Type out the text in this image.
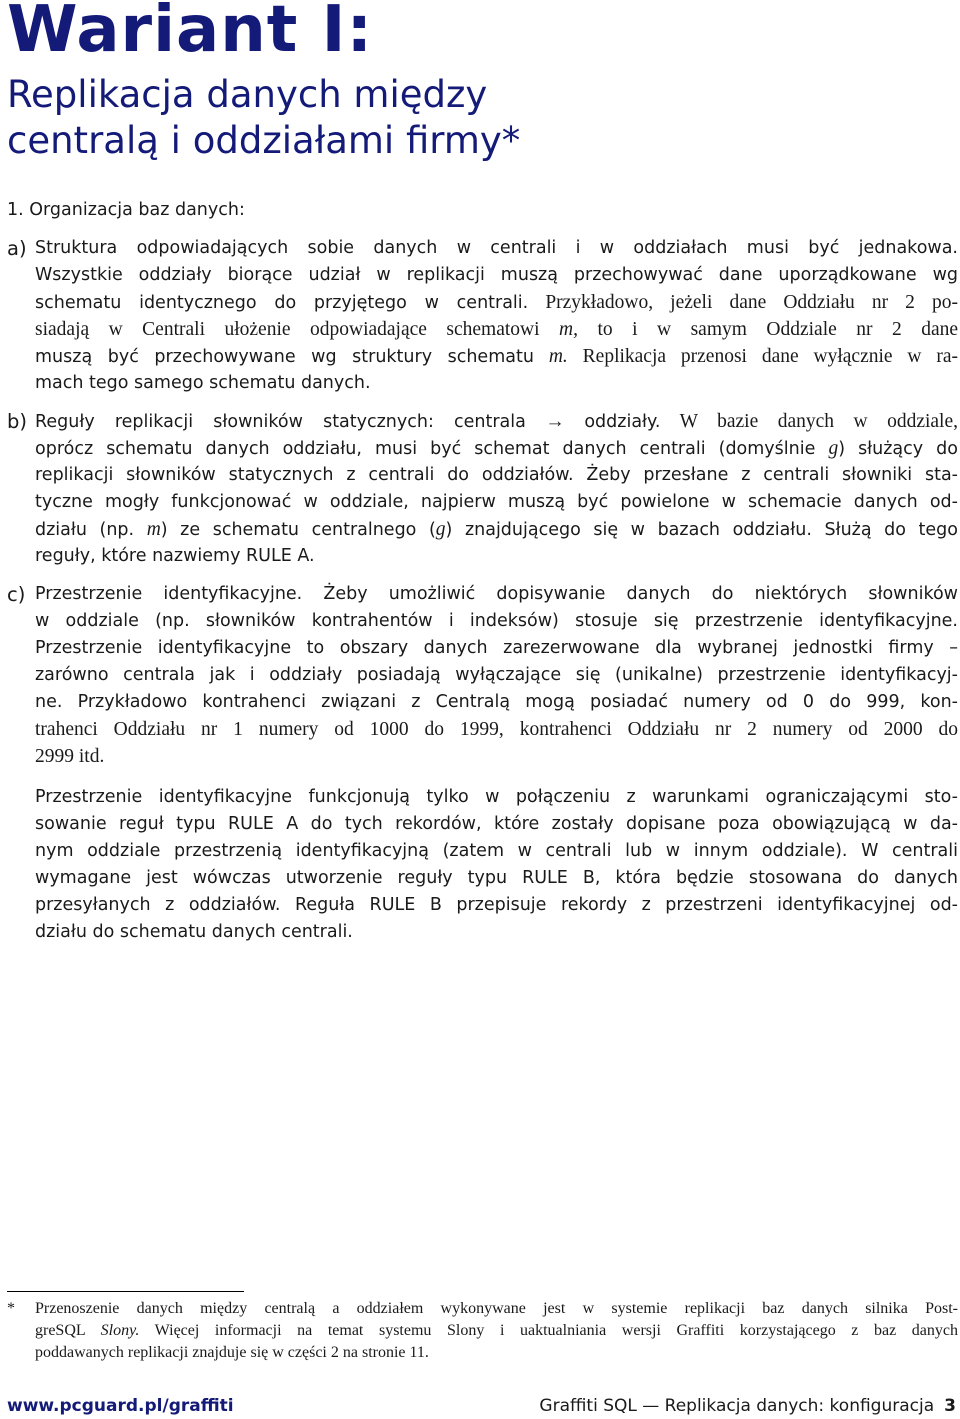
Wariant I:
Replikacja danych między
centralą i oddziałami firmy*
1. Organizacja baz danych:
a) Struktura odpowiadających sobie danych w centrali i w oddziałach musi być jednakowa.
Wszystkie oddziały biorące udział w replikacji muszą przechowywać dane uporządkowane wg
schematu identycznego do przyjętego w centrali. Przykładowo, jeżeli dane Oddziału nr 2 po-
siadają w Centrali ułożenie odpowiadające schematowi m, to i w samym Oddziale nr 2 dane
muszą być przechowywane wg struktury schematu m. Replikacja przenosi dane wyłącznie w ra-
mach tego samego schematu danych.
b) Reguły replikacji słowników statycznych: centrala → oddziały. W bazie danych w oddziale,
oprócz schematu danych oddziału, musi być schemat danych centrali (domyślnie g) służący do
replikacji słowników statycznych z centrali do oddziałów. Żeby przesłane z centrali słowniki sta-
tyczne mogły funkcjonować w oddziale, najpierw muszą być powielone w schemacie danych od-
działu (np. m) ze schematu centralnego (g) znajdującego się w bazach oddziału. Służą do tego
reguły, które nazwiemy RULE A.
c) Przestrzenie identyfikacyjne. Żeby umożliwić dopisywanie danych do niektórych słowników
w oddziale (np. słowników kontrahentów i indeksów) stosuje się przestrzenie identyfikacyjne.
Przestrzenie identyfikacyjne to obszary danych zarezerwowane dla wybranej jednostki firmy –
zarówno centrala jak i oddziały posiadają wyłączające się (unikalne) przestrzenie identyfikacyj-
ne. Przykładowo kontrahenci związani z Centralą mogą posiadać numery od 0 do 999, kon-
trahenci Oddziału nr 1 numery od 1000 do 1999, kontrahenci Oddziału nr 2 numery od 2000 do
2999 itd.
Przestrzenie identyfikacyjne funkcjonują tylko w połączeniu z warunkami ograniczającymi sto-
sowanie reguł typu RULE A do tych rekordów, które zostały dopisane poza obowiązującą w da-
nym oddziale przestrzenią identyfikacyjną (zatem w centrali lub w innym oddziale). W centrali
wymagane jest wówczas utworzenie reguły typu RULE B, która będzie stosowana do danych
przesyłanych z oddziałów. Reguła RULE B przepisuje rekordy z przestrzeni identyfikacyjnej od-
działu do schematu danych centrali.
* Przenoszenie danych między centralą a oddziałem wykonywane jest w systemie replikacji baz danych silnika Post-
greSQL Slony. Więcej informacji na temat systemu Slony i uaktualniania wersji Graffiti korzystającego z baz danych
poddawanych replikacji znajduje się w części 2 na stronie 11.
www.pcguard.pl/graffiti	Graffiti SQL — Replikacja danych: konfiguracja 3
